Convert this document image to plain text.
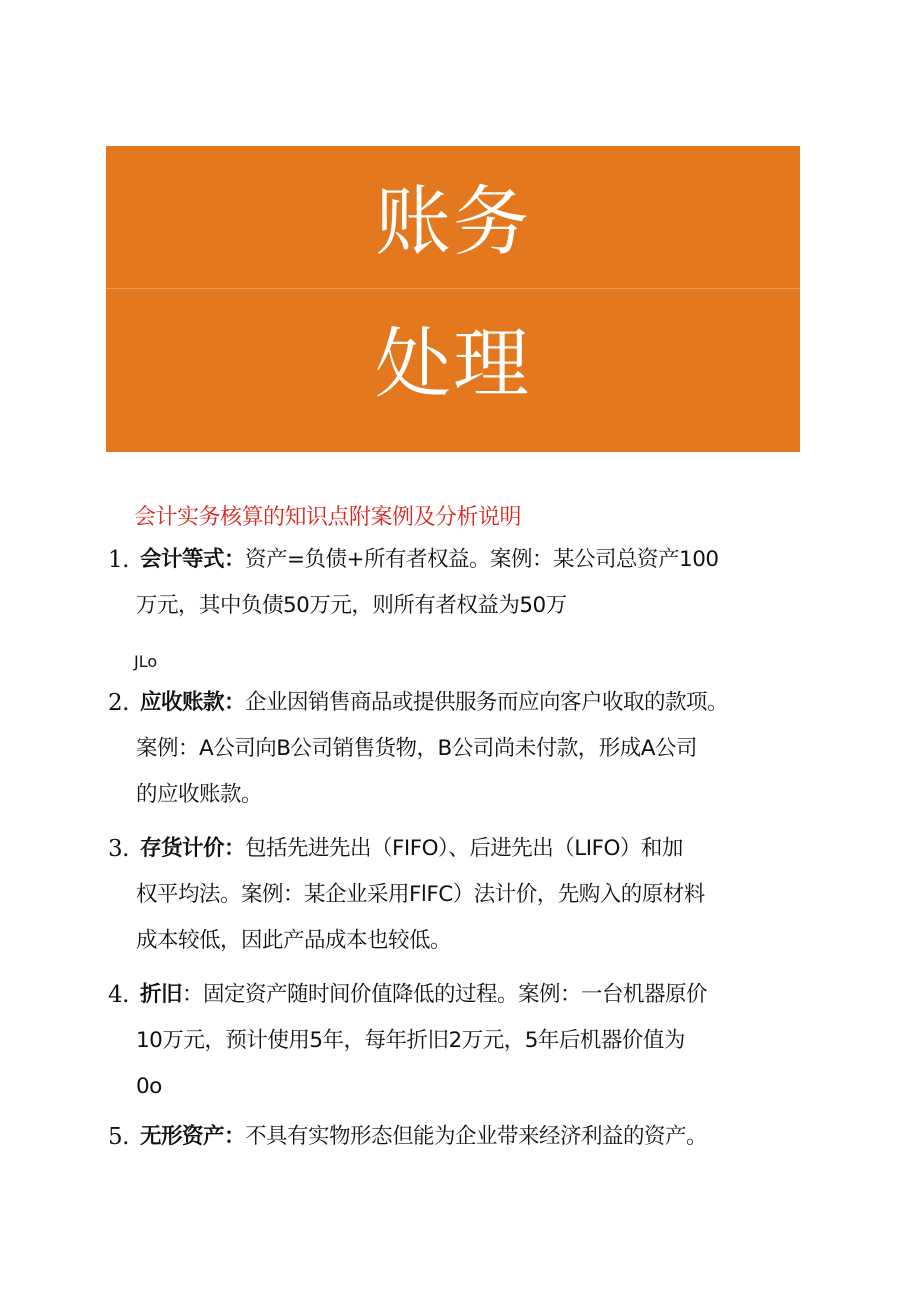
账务
处理
会计实务核算的知识点附案例及分析说明
1. 会计等式：资产=负债+所有者权益。案例：某公司总资产100
万元，其中负债50万元，则所有者权益为50万
JLo
2. 应收账款：企业因销售商品或提供服务而应向客户收取的款项。
案例：A公司向B公司销售货物，B公司尚未付款，形成A公司
的应收账款。
3. 存货计价：包括先进先出（FIFO）、后进先出（LIFO）和加
权平均法。案例：某企业采用FlFC）法计价，先购入的原材料
成本较低，因此产品成本也较低。
4. 折旧：固定资产随时间价值降低的过程。案例：一台机器原价
10万元，预计使用5年，每年折旧2万元，5年后机器价值为
0o
5. 无形资产：不具有实物形态但能为企业带来经济利益的资产。
